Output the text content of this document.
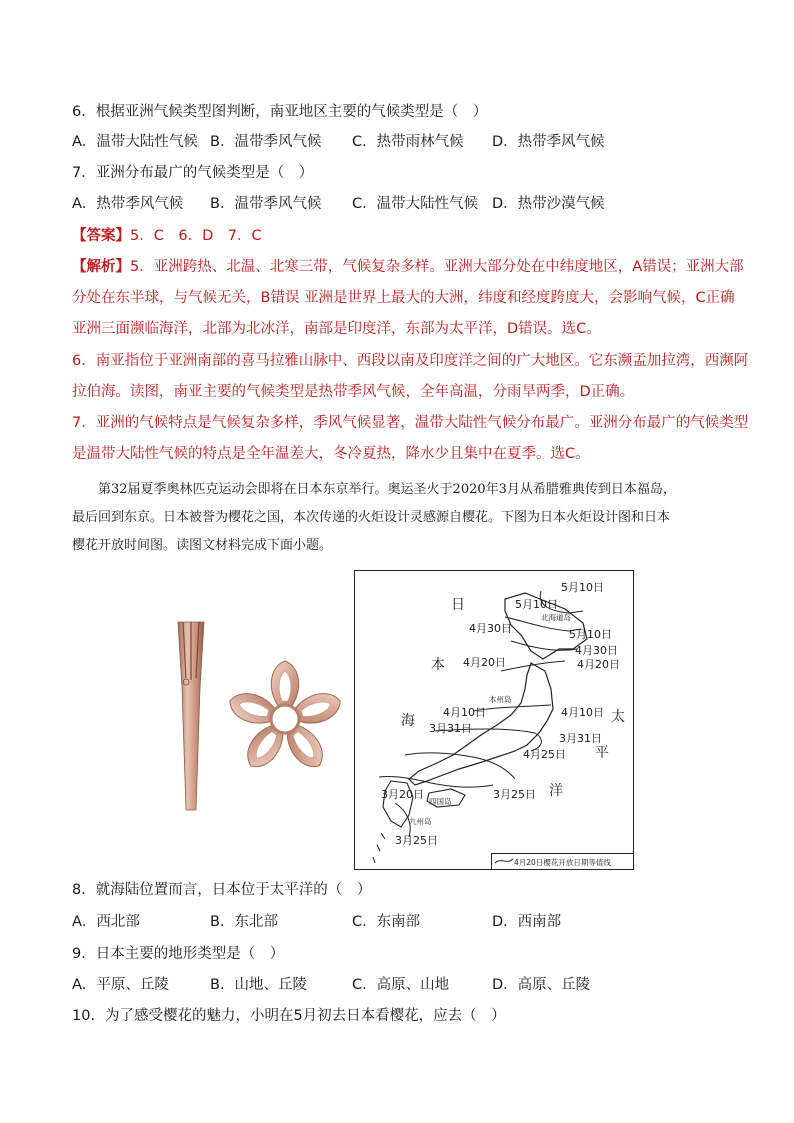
6．根据亚洲气候类型图判断，南亚地区主要的气候类型是（　）
A．温带大陆性气候 B．温带季风气候 C．热带雨林气候 D．热带季风气候
7．亚洲分布最广的气候类型是（　）
A．热带季风气候 B．温带季风气候 C．温带大陆性气候 D．热带沙漠气候
【答案】5．C　6．D　7．C
【解析】5．亚洲跨热、北温、北寒三带，气候复杂多样。亚洲大部分处在中纬度地区，A错误；亚洲大部
分处在东半球，与气候无关，B错误 亚洲是世界上最大的大洲，纬度和经度跨度大，会影响气候，C正确
亚洲三面濒临海洋，北部为北冰洋，南部是印度洋，东部为太平洋，D错误。选C。
6．南亚指位于亚洲南部的喜马拉雅山脉中、西段以南及印度洋之间的广大地区。它东濒孟加拉湾，西濒阿
拉伯海。读图，南亚主要的气候类型是热带季风气候，全年高温，分雨旱两季，D正确。
7．亚洲的气候特点是气候复杂多样，季风气候显著，温带大陆性气候分布最广。亚洲分布最广的气候类型
是温带大陆性气候的特点是全年温差大，冬冷夏热，降水少且集中在夏季。选C。
第32届夏季奥林匹克运动会即将在日本东京举行。奥运圣火于2020年3月从希腊雅典传到日本福岛，
最后回到东京。日本被誉为樱花之国，本次传递的火炬设计灵感源自樱花。下图为日本火炬设计图和日本
樱花开放时间图。读图文材料完成下面小题。
日
本
海	太
平
洋
5月10日
5月10日
4月30日	5月10日
4月30日
4月20日	4月20日
4月10日	4月10日
3月31日
3月31日
4月25日
3月25日
3月20日
3月25日
北海道岛
本州岛
四国岛
九州岛
4月20日樱花开放日期等值线
8．就海陆位置而言，日本位于太平洋的（　）
A．西北部	B．东北部	C．东南部	D．西南部
9．日本主要的地形类型是（　）
A．平原、丘陵	B．山地、丘陵	C．高原、山地	D．高原、丘陵
10．为了感受樱花的魅力，小明在5月初去日本看樱花，应去（　）
